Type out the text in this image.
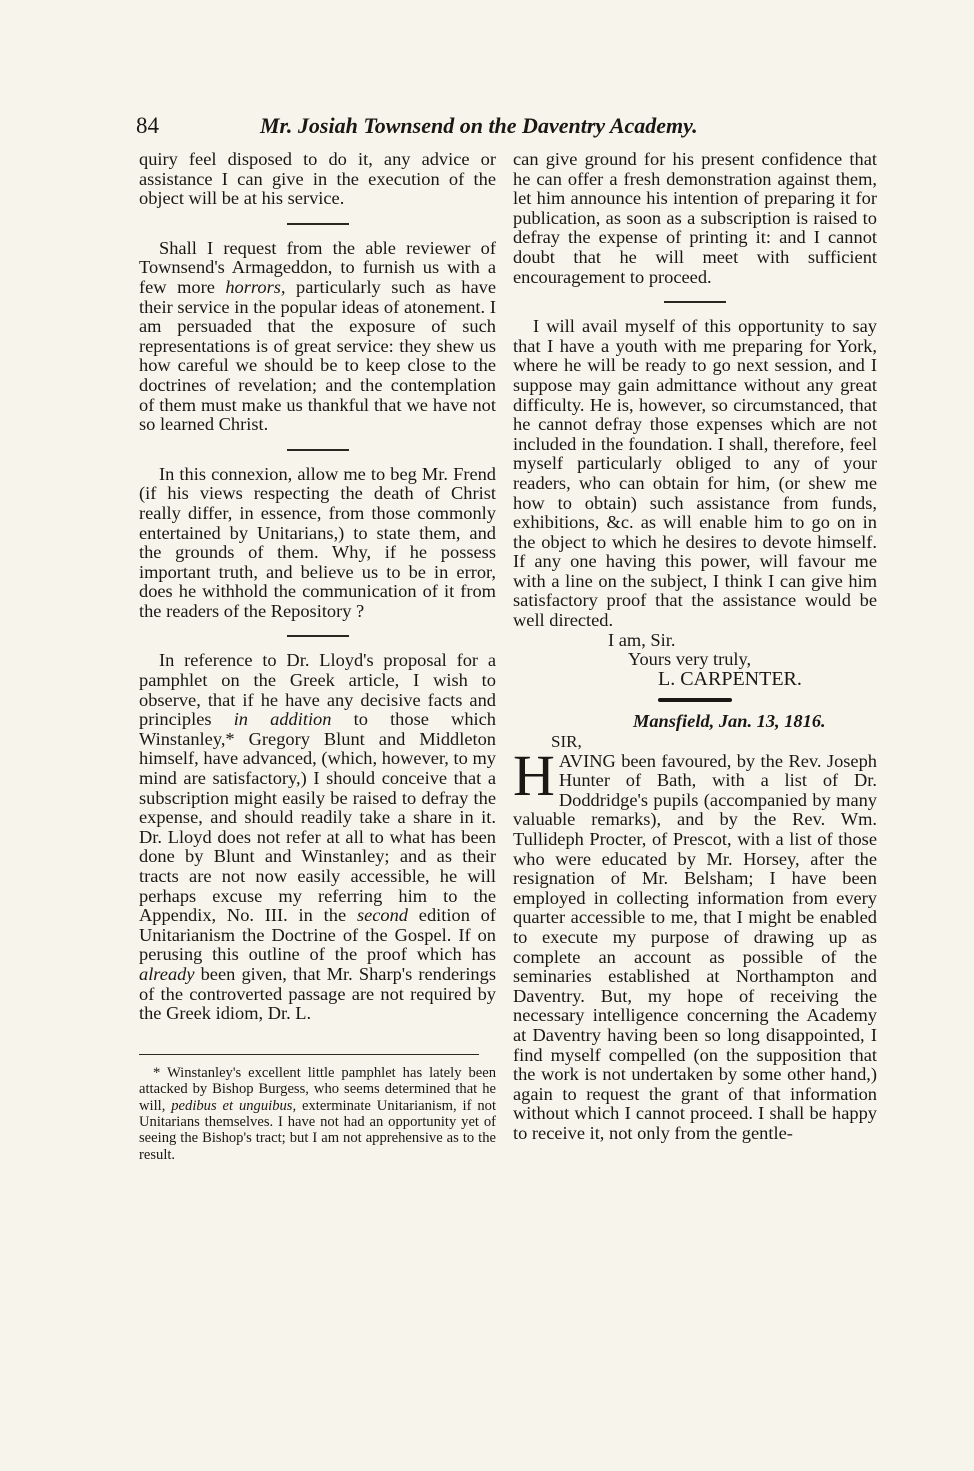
84	Mr. Josiah Townsend on the Daventry Academy.

quiry feel disposed to do it, any advice or assistance I can give in the execution of the object will be at his service.

Shall I request from the able reviewer of Townsend's Armageddon, to furnish us with a few more horrors, particularly such as have their service in the popular ideas of atonement. I am persuaded that the exposure of such representations is of great service: they shew us how careful we should be to keep close to the doctrines of revelation; and the contemplation of them must make us thankful that we have not so learned Christ.

In this connexion, allow me to beg Mr. Frend (if his views respecting the death of Christ really differ, in essence, from those commonly entertained by Unitarians,) to state them, and the grounds of them. Why, if he possess important truth, and believe us to be in error, does he withhold the communication of it from the readers of the Repository ?

In reference to Dr. Lloyd's proposal for a pamphlet on the Greek article, I wish to observe, that if he have any decisive facts and principles in addition to those which Winstanley,* Gregory Blunt and Middleton himself, have advanced, (which, however, to my mind are satisfactory,) I should conceive that a subscription might easily be raised to defray the expense, and should readily take a share in it. Dr. Lloyd does not refer at all to what has been done by Blunt and Winstanley; and as their tracts are not now easily accessible, he will perhaps excuse my referring him to the Appendix, No. III. in the second edition of Unitarianism the Doctrine of the Gospel. If on perusing this outline of the proof which has already been given, that Mr. Sharp's renderings of the controverted passage are not required by the Greek idiom, Dr. L.

* Winstanley's excellent little pamphlet has lately been attacked by Bishop Burgess, who seems determined that he will, pedibus et unguibus, exterminate Unitarianism, if not Unitarians themselves. I have not had an opportunity yet of seeing the Bishop's tract; but I am not apprehensive as to the result.

can give ground for his present confidence that he can offer a fresh demonstration against them, let him announce his intention of preparing it for publication, as soon as a subscription is raised to defray the expense of printing it: and I cannot doubt that he will meet with sufficient encouragement to proceed.

I will avail myself of this opportunity to say that I have a youth with me preparing for York, where he will be ready to go next session, and I suppose may gain admittance without any great difficulty. He is, however, so circumstanced, that he cannot defray those expenses which are not included in the foundation. I shall, therefore, feel myself particularly obliged to any of your readers, who can obtain for him, (or shew me how to obtain) such assistance from funds, exhibitions, &c. as will enable him to go on in the object to which he desires to devote himself. If any one having this power, will favour me with a line on the subject, I think I can give him satisfactory proof that the assistance would be well directed.

I am, Sir.

Yours very truly,

L. CARPENTER.

Mansfield, Jan. 13, 1816.

SIR,

HAVING been favoured, by the Rev. Joseph Hunter of Bath, with a list of Dr. Doddridge's pupils (accompanied by many valuable remarks), and by the Rev. Wm. Tullideph Procter, of Prescot, with a list of those who were educated by Mr. Horsey, after the resignation of Mr. Belsham; I have been employed in collecting information from every quarter accessible to me, that I might be enabled to execute my purpose of drawing up as complete an account as possible of the seminaries established at Northampton and Daventry. But, my hope of receiving the necessary intelligence concerning the Academy at Daventry having been so long disappointed, I find myself compelled (on the supposition that the work is not undertaken by some other hand,) again to request the grant of that information without which I cannot proceed. I shall be happy to receive it, not only from the gentle-
